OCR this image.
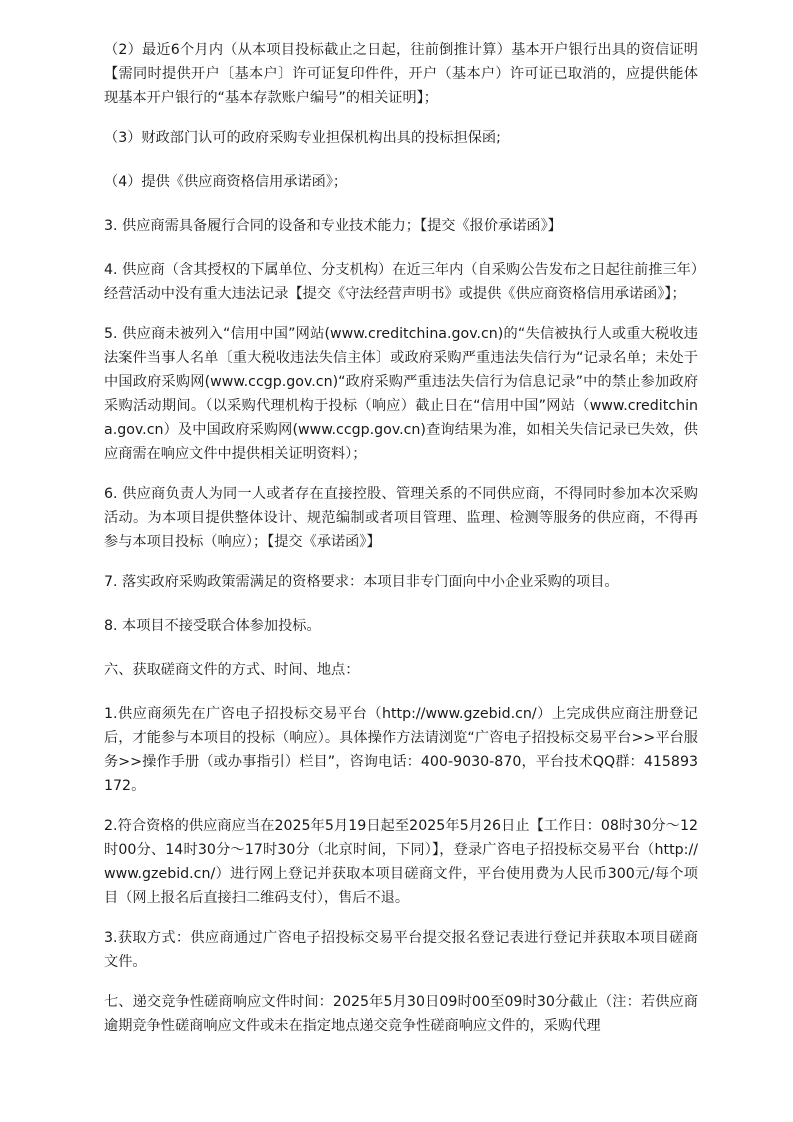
（2）最近6个月内（从本项目投标截止之日起，往前倒推计算）基本开户银行出具的资信证明【需同时提供开户〔基本户〕许可证复印件件，开户（基本户）许可证已取消的，应提供能体现基本开户银行的“基本存款账户编号”的相关证明】；

（3）财政部门认可的政府采购专业担保机构出具的投标担保函;

（4）提供《供应商资格信用承诺函》；

3. 供应商需具备履行合同的设备和专业技术能力；【提交《报价承诺函》】

4. 供应商（含其授权的下属单位、分支机构）在近三年内（自采购公告发布之日起往前推三年）经营活动中没有重大违法记录【提交《守法经营声明书》或提供《供应商资格信用承诺函》】；

5. 供应商未被列入“信用中国”网站(www.creditchina.gov.cn)的“失信被执行人或重大税收违法案件当事人名单〔重大税收违法失信主体〕或政府采购严重违法失信行为“记录名单；未处于中国政府采购网(www.ccgp.gov.cn)“政府采购严重违法失信行为信息记录”中的禁止参加政府采购活动期间。（以采购代理机构于投标（响应）截止日在“信用中国”网站（www.creditchina.gov.cn）及中国政府采购网(www.ccgp.gov.cn)查询结果为准，如相关失信记录已失效，供应商需在响应文件中提供相关证明资料）；

6. 供应商负责人为同一人或者存在直接控股、管理关系的不同供应商，不得同时参加本次采购活动。为本项目提供整体设计、规范编制或者项目管理、监理、检测等服务的供应商，不得再参与本项目投标（响应）；【提交《承诺函》】

7. 落实政府采购政策需满足的资格要求：本项目非专门面向中小企业采购的项目。

8. 本项目不接受联合体参加投标。

六、获取磋商文件的方式、时间、地点：

1.供应商须先在广咨电子招投标交易平台（http://www.gzebid.cn/）上完成供应商注册登记后，才能参与本项目的投标（响应）。具体操作方法请浏览“广咨电子招投标交易平台>>平台服务>>操作手册（或办事指引）栏目”，咨询电话：400-9030-870，平台技术QQ群：415893172。

2.符合资格的供应商应当在2025年5月19日起至2025年5月26日止【工作日：08时30分～12时00分、14时30分～17时30分（北京时间，下同）】，登录广咨电子招投标交易平台（http://www.gzebid.cn/）进行网上登记并获取本项目磋商文件，平台使用费为人民币300元/每个项目（网上报名后直接扫二维码支付），售后不退。

3.获取方式：供应商通过广咨电子招投标交易平台提交报名登记表进行登记并获取本项目磋商文件。

七、递交竞争性磋商响应文件时间：2025年5月30日09时00至09时30分截止（注：若供应商逾期竞争性磋商响应文件或未在指定地点递交竞争性磋商响应文件的，采购代理
